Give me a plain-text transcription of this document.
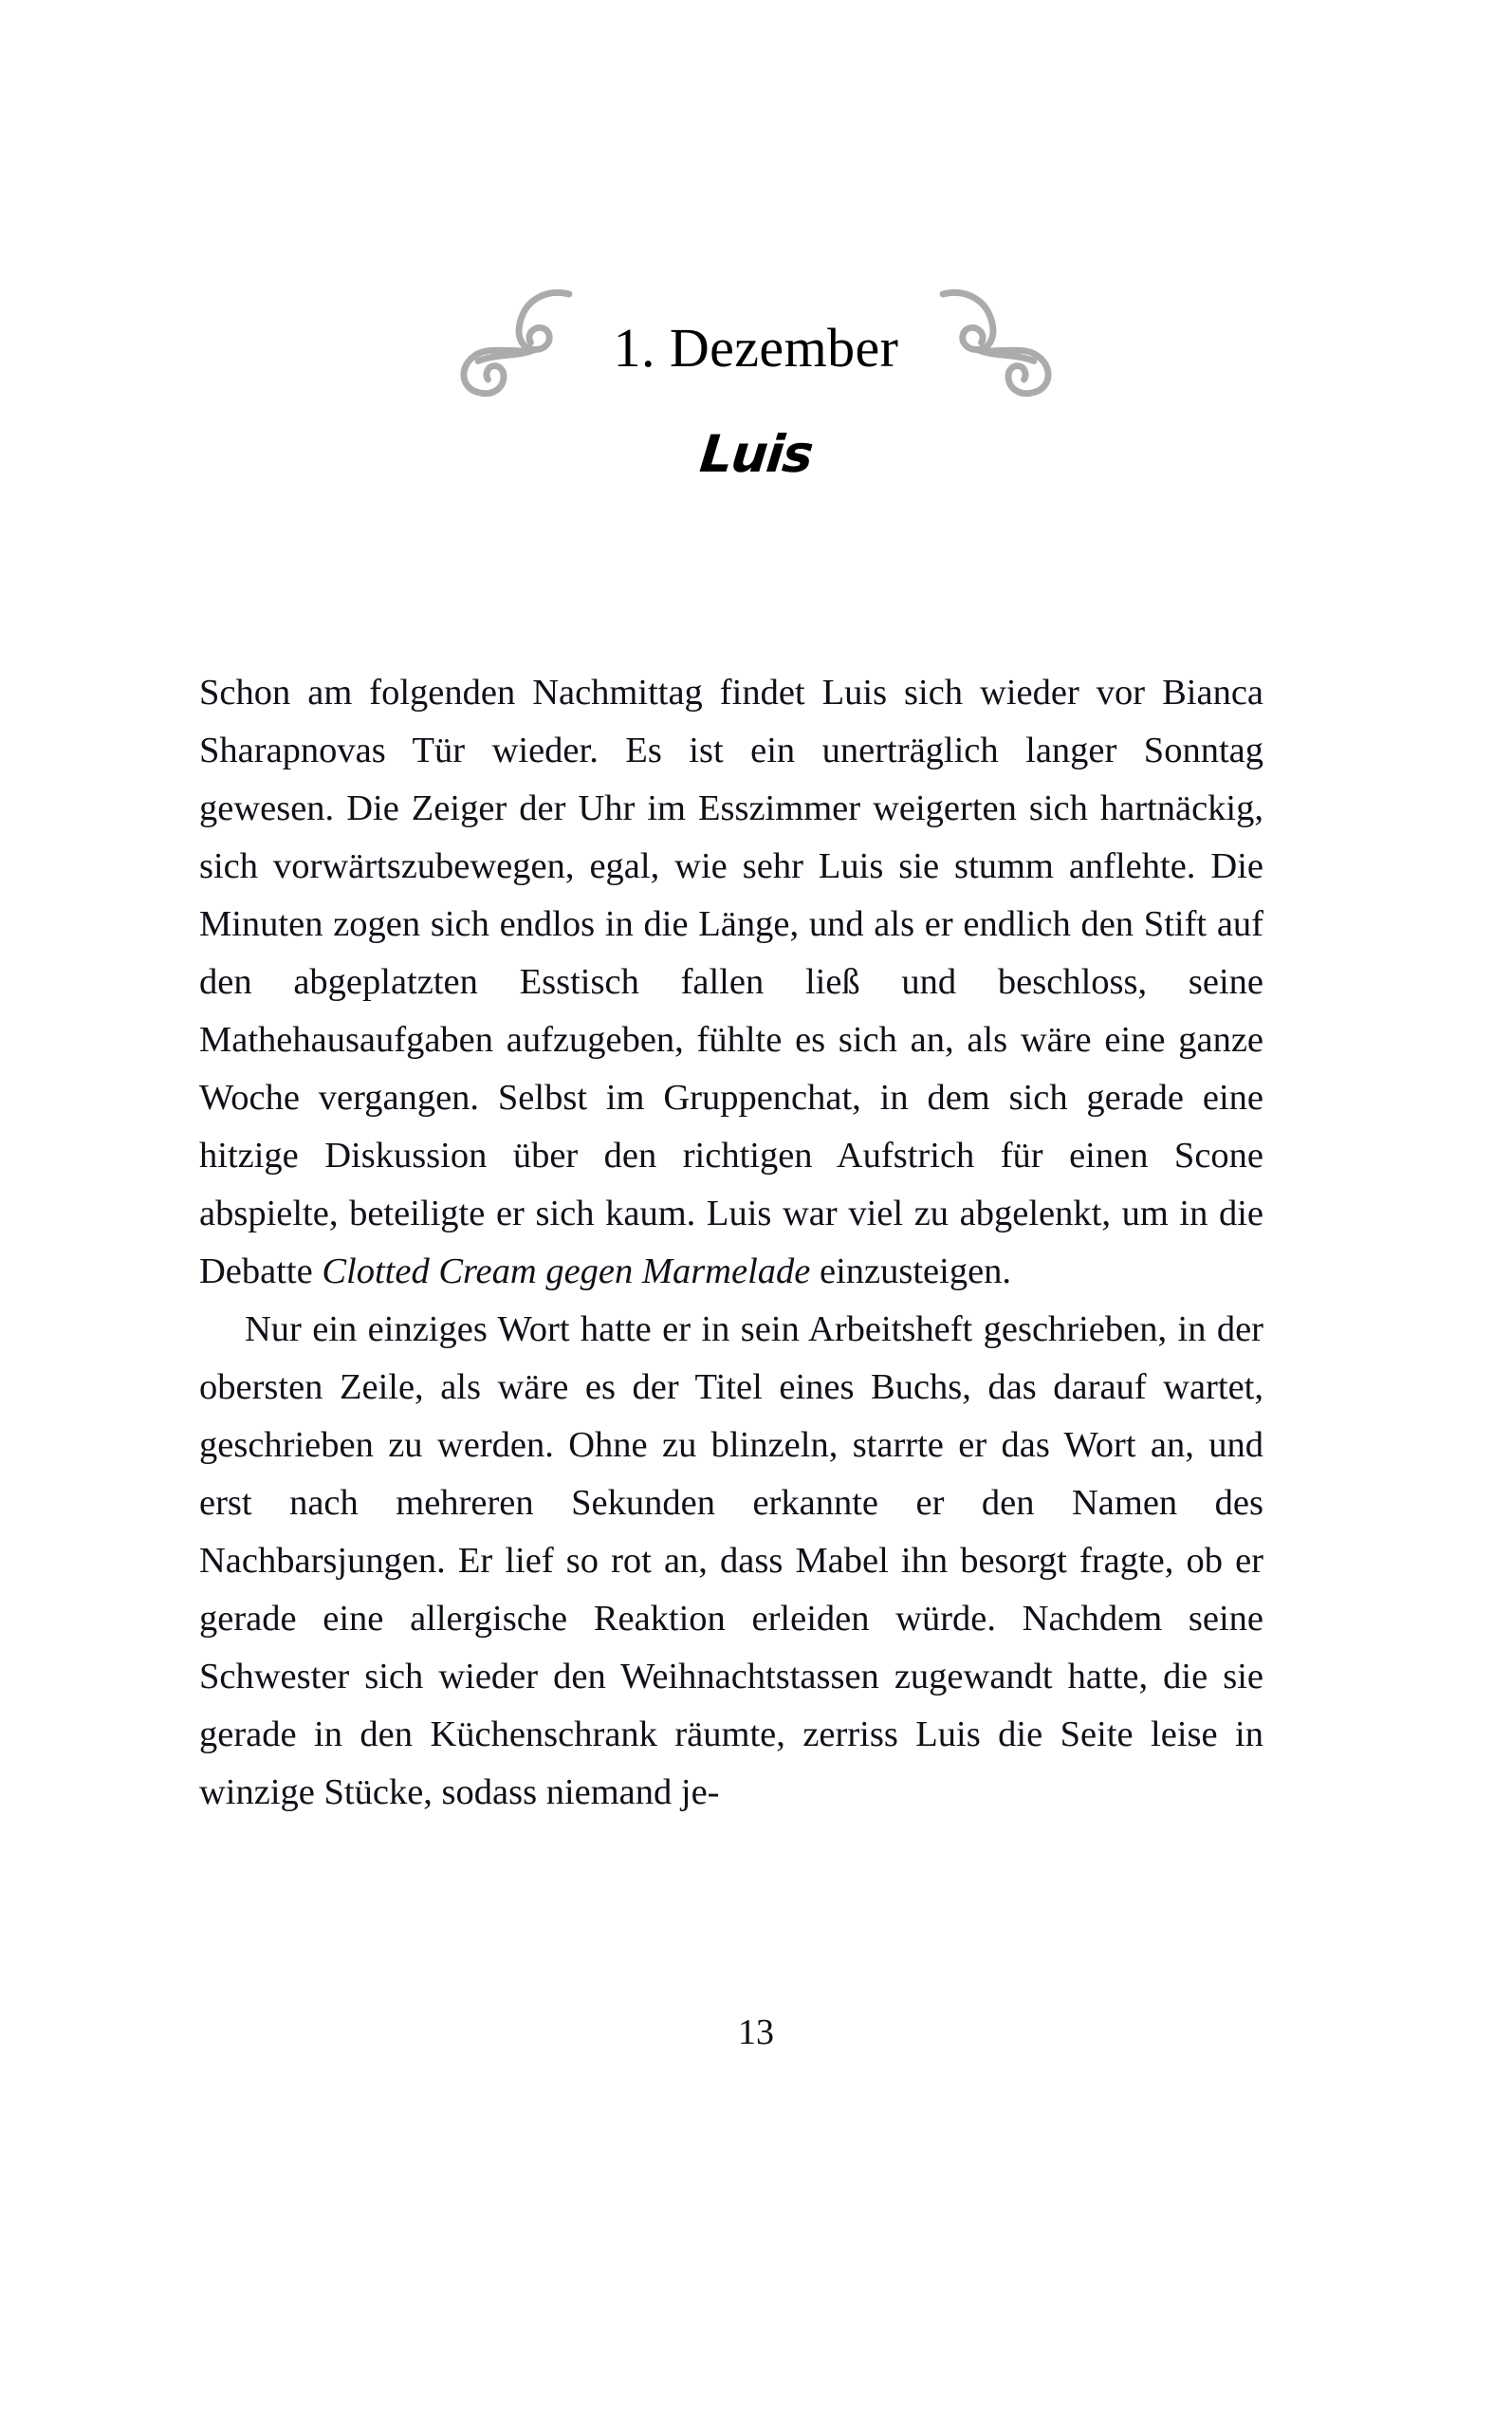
1. Dezember
Luis

Schon am folgenden Nachmittag findet Luis sich wieder vor Bianca Sharapnovas Tür wieder. Es ist ein unerträglich langer Sonntag gewesen. Die Zeiger der Uhr im Esszimmer weigerten sich hartnäckig, sich vorwärtszubewegen, egal, wie sehr Luis sie stumm anflehte. Die Minuten zogen sich endlos in die Länge, und als er endlich den Stift auf den abgeplatzten Esstisch fallen ließ und beschloss, seine Mathehausaufgaben aufzugeben, fühlte es sich an, als wäre eine ganze Woche vergangen. Selbst im Gruppenchat, in dem sich gerade eine hitzige Diskussion über den richtigen Aufstrich für einen Scone abspielte, beteiligte er sich kaum. Luis war viel zu abgelenkt, um in die Debatte Clotted Cream gegen Marmelade einzusteigen.

Nur ein einziges Wort hatte er in sein Arbeitsheft geschrieben, in der obersten Zeile, als wäre es der Titel eines Buchs, das darauf wartet, geschrieben zu werden. Ohne zu blinzeln, starrte er das Wort an, und erst nach mehreren Sekunden erkannte er den Namen des Nachbarsjungen. Er lief so rot an, dass Mabel ihn besorgt fragte, ob er gerade eine allergische Reaktion erleiden würde. Nachdem seine Schwester sich wieder den Weihnachtstassen zugewandt hatte, die sie gerade in den Küchenschrank räumte, zerriss Luis die Seite leise in winzige Stücke, sodass niemand je-

13
